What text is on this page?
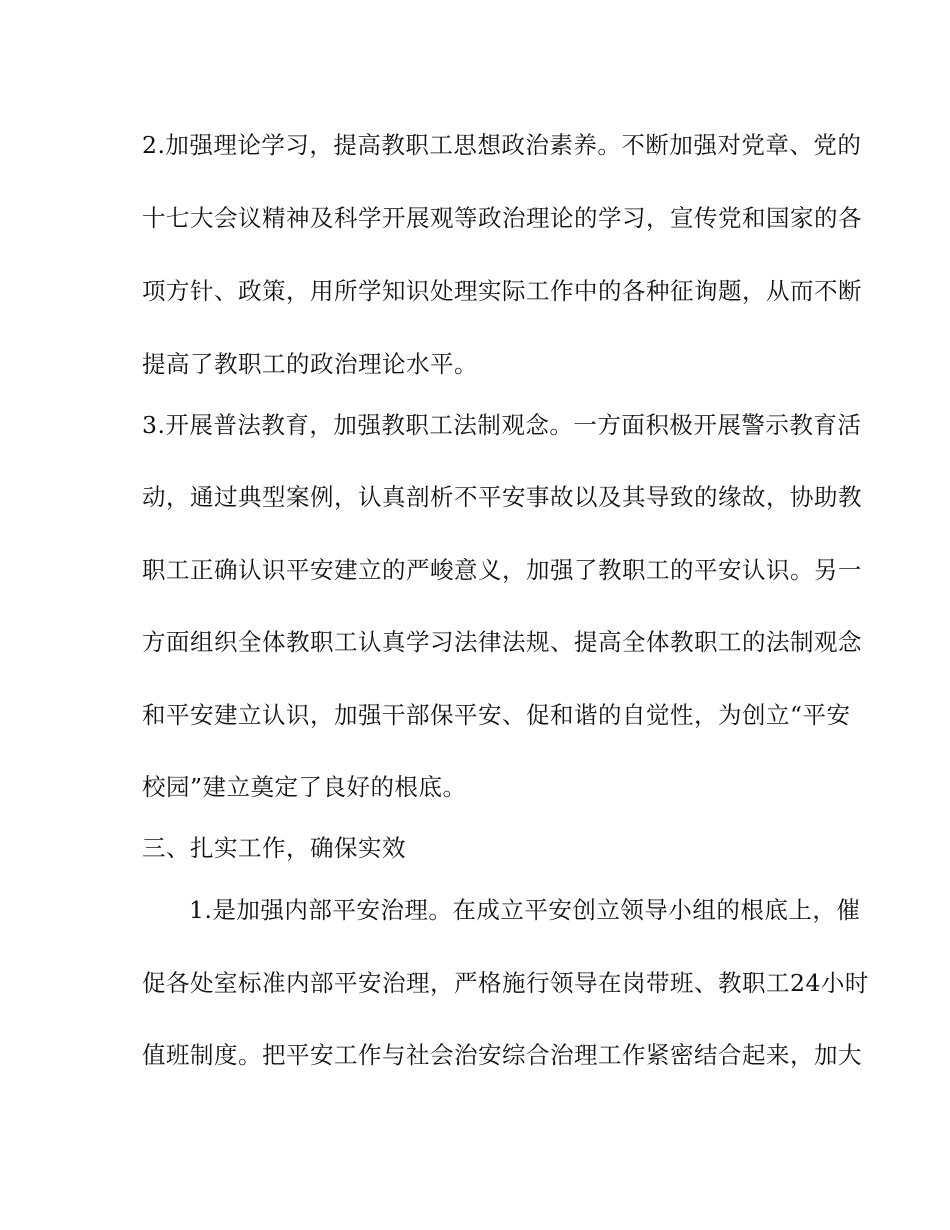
2.加强理论学习，提高教职工思想政治素养。不断加强对党章、党的
十七大会议精神及科学开展观等政治理论的学习，宣传党和国家的各
项方针、政策，用所学知识处理实际工作中的各种征询题，从而不断
提高了教职工的政治理论水平。
3.开展普法教育，加强教职工法制观念。一方面积极开展警示教育活
动，通过典型案例，认真剖析不平安事故以及其导致的缘故，协助教
职工正确认识平安建立的严峻意义，加强了教职工的平安认识。另一
方面组织全体教职工认真学习法律法规、提高全体教职工的法制观念
和平安建立认识，加强干部保平安、促和谐的自觉性，为创立“平安
校园”建立奠定了良好的根底。
三、扎实工作，确保实效
1.是加强内部平安治理。在成立平安创立领导小组的根底上，催
促各处室标准内部平安治理，严格施行领导在岗带班、教职工24小时
值班制度。把平安工作与社会治安综合治理工作紧密结合起来，加大
